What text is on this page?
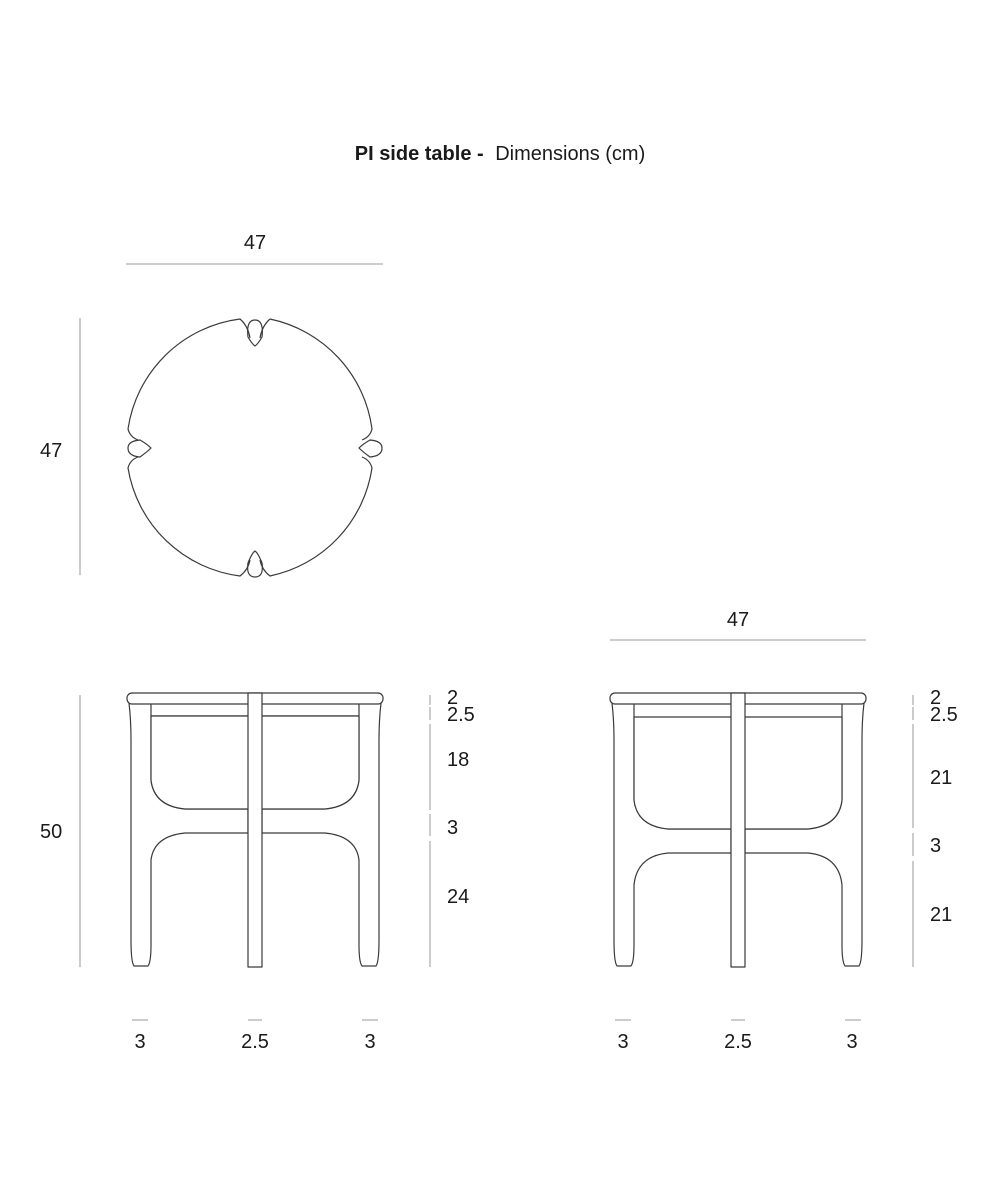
PI side table - Dimensions (cm)
47
47
50
2
2.5
18
3
24
3	2.5	3
47
2
2.5
21
3
21
3	2.5	3
